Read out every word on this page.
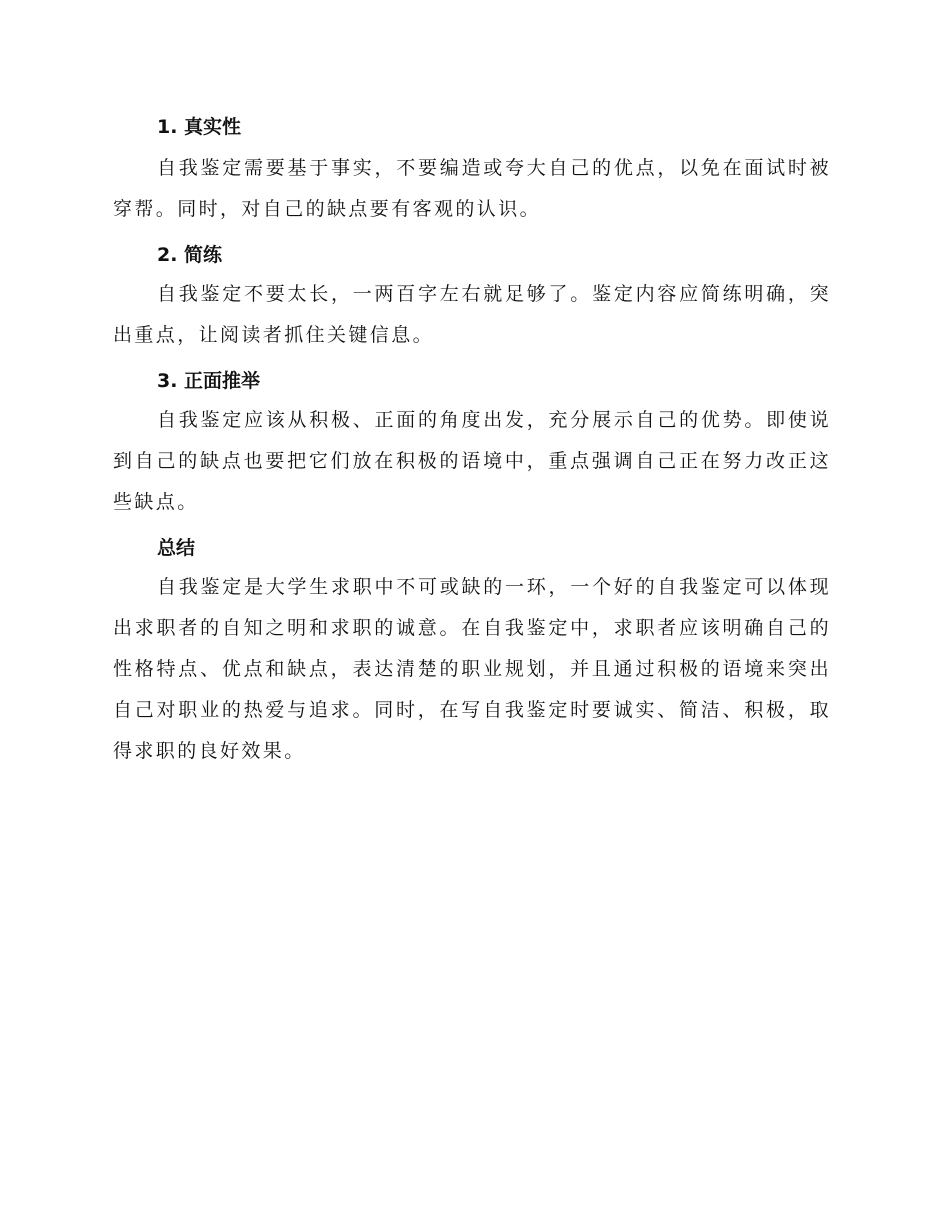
1. 真实性

自我鉴定需要基于事实，不要编造或夸大自己的优点，以免在面试时被穿帮。同时，对自己的缺点要有客观的认识。

2. 简练

自我鉴定不要太长，一两百字左右就足够了。鉴定内容应简练明确，突出重点，让阅读者抓住关键信息。

3. 正面推举

自我鉴定应该从积极、正面的角度出发，充分展示自己的优势。即使说到自己的缺点也要把它们放在积极的语境中，重点强调自己正在努力改正这些缺点。

总结

自我鉴定是大学生求职中不可或缺的一环，一个好的自我鉴定可以体现出求职者的自知之明和求职的诚意。在自我鉴定中，求职者应该明确自己的性格特点、优点和缺点，表达清楚的职业规划，并且通过积极的语境来突出自己对职业的热爱与追求。同时，在写自我鉴定时要诚实、简洁、积极，取得求职的良好效果。
